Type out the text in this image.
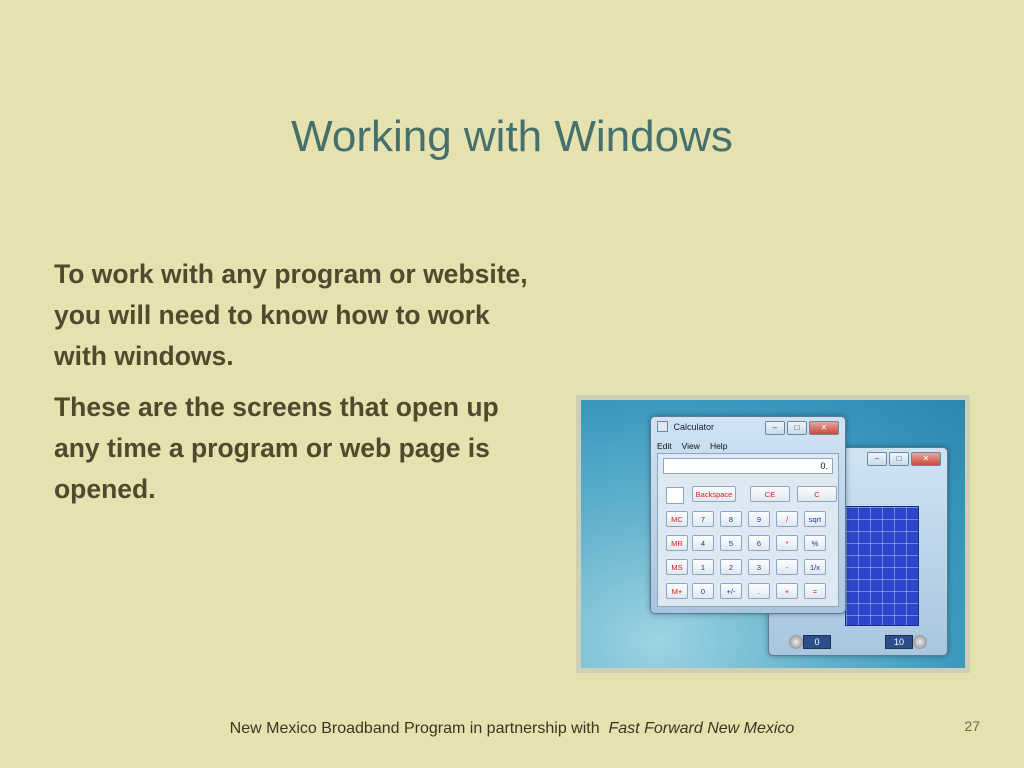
Working with Windows

To work with any program or website, you will need to know how to work with windows.

These are the screens that open up any time a program or web page is opened.

–	□	✕
0	10
Calculator	–	□	✕
Edit View Help
0.
Backspace	CE	C
MC	7	8	9	/	sqrt
MR	4	5	6	*	%
MS	1	2	3	-	1/x
M+	0	+/-	.	+	=
New Mexico Broadband Program in partnership with Fast Forward New Mexico	27
